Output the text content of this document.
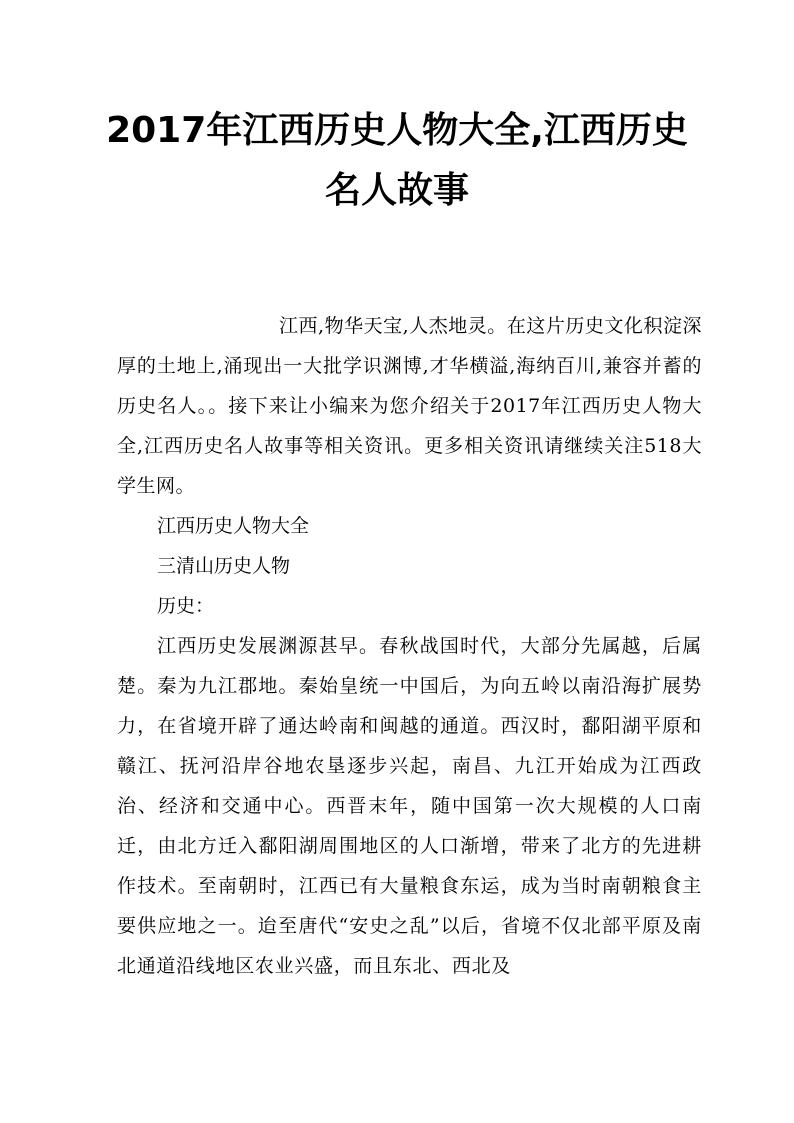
2017年江西历史人物大全,江西历史名人故事

江西,物华天宝,人杰地灵。在这片历史文化积淀深厚的土地上,涌现出一大批学识渊博,才华横溢,海纳百川,兼容并蓄的历史名人。。接下来让小编来为您介绍关于2017年江西历史人物大全,江西历史名人故事等相关资讯。更多相关资讯请继续关注518大学生网。

江西历史人物大全

三清山历史人物

历史：

江西历史发展渊源甚早。春秋战国时代，大部分先属越，后属楚。秦为九江郡地。秦始皇统一中国后，为向五岭以南沿海扩展势力，在省境开辟了通达岭南和闽越的通道。西汉时，鄱阳湖平原和赣江、抚河沿岸谷地农垦逐步兴起，南昌、九江开始成为江西政治、经济和交通中心。西晋末年，随中国第一次大规模的人口南迁，由北方迁入鄱阳湖周围地区的人口渐增，带来了北方的先进耕作技术。至南朝时，江西已有大量粮食东运，成为当时南朝粮食主要供应地之一。迨至唐代“安史之乱”以后，省境不仅北部平原及南北通道沿线地区农业兴盛，而且东北、西北及
